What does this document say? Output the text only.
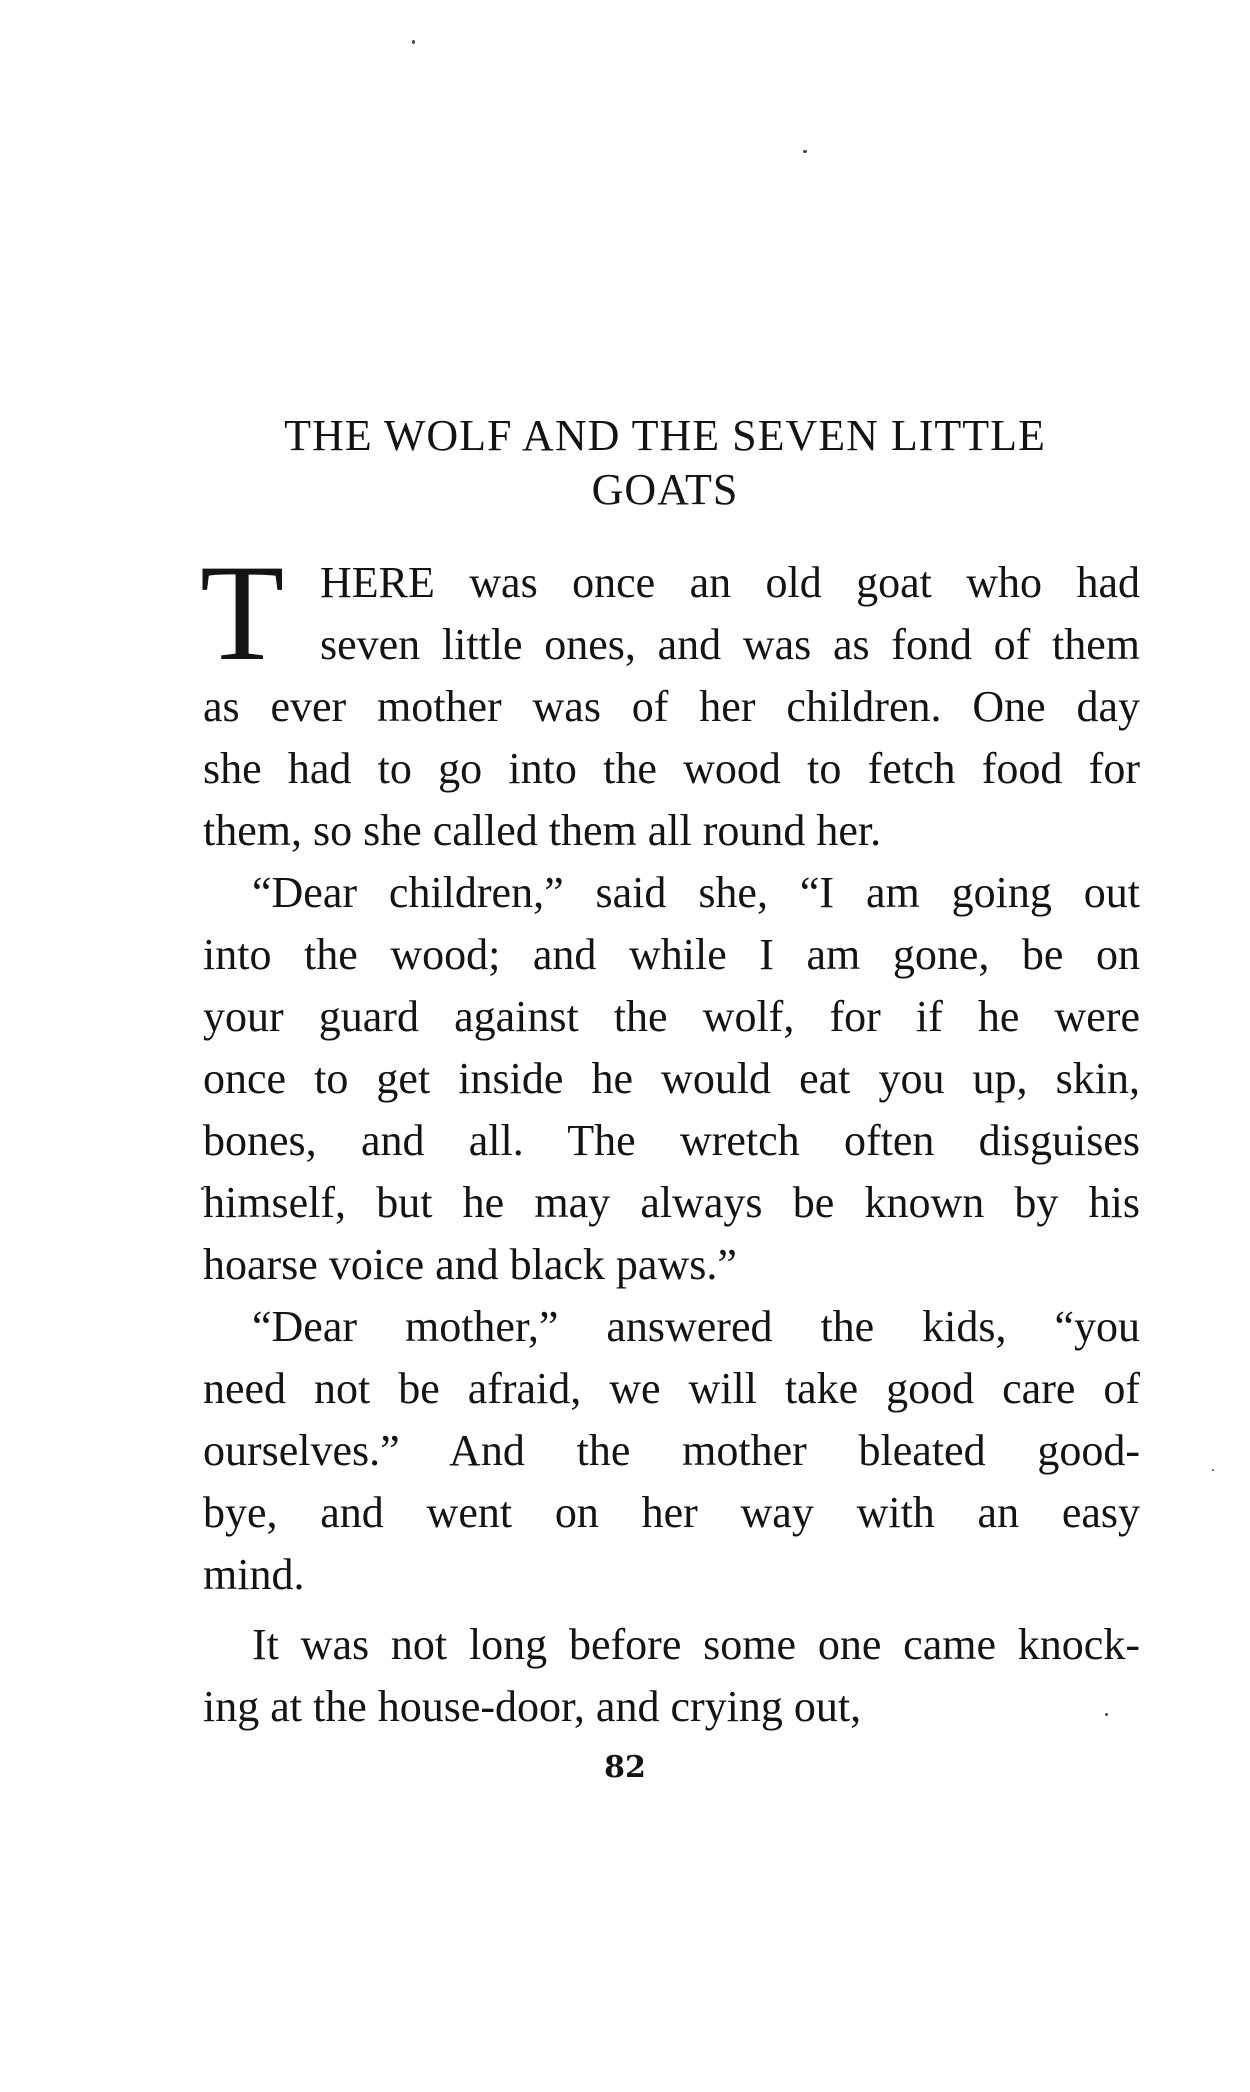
THE WOLF AND THE SEVEN LITTLE
GOATS
T HERE was once an old goat who had
seven little ones, and was as fond of them
as ever mother was of her children. One day
she had to go into the wood to fetch food for
them, so she called them all round her.
“Dear children,” said she, “I am going out
into the wood; and while I am gone, be on
your guard against the wolf, for if he were
once to get inside he would eat you up, skin,
bones, and all. The wretch often disguises
himself, but he may always be known by his
hoarse voice and black paws.”
“Dear mother,” answered the kids, “you
need not be afraid, we will take good care of
ourselves.” And the mother bleated good-
bye, and went on her way with an easy
mind.
It was not long before some one came knock-
ing at the house-door, and crying out,
82
